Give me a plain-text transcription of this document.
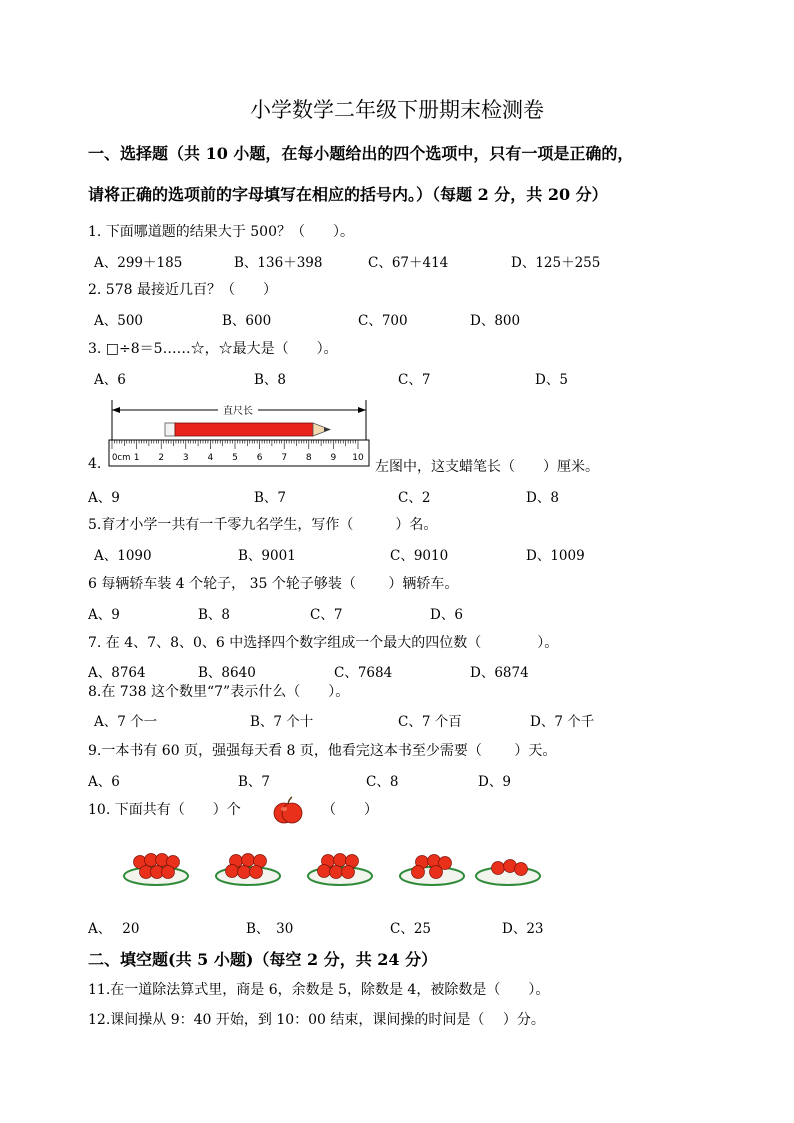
小学数学二年级下册期末检测卷
一、选择题（共 10 小题，在每小题给出的四个选项中，只有一项是正确的，
请将正确的选项前的字母填写在相应的括号内。）（每题 2 分，共 20 分）
1. 下面哪道题的结果大于 500？（　　）。
A、299＋185	B、136＋398	C、67＋414	D、125＋255
2. 578 最接近几百？（　　）
A、500	B、600	C、700	D、800
3. □÷8＝5……☆，☆最大是（　　）。
A、6	B、8	C、7	D、5
直尺长
0cm 1 2 3 4 5 6 7 8 9 10
4.	左图中，这支蜡笔长（　　）厘米。
A、9	B、7	C、2	D、8
5.育才小学一共有一千零九名学生，写作（　　　）名。
A、1090	B、9001	C、9010	D、1009
6 每辆轿车装 4 个轮子， 35 个轮子够装（　　 ）辆轿车。
A、9	B、8	C、7	D、6
7. 在 4、7、8、0、6 中选择四个数字组成一个最大的四位数（　　　　）。
A、8764	B、8640	C、7684	D、6874
8.在 738 这个数里“7”表示什么（　　）。
A、7 个一	B、7 个十	C、7 个百	D、7 个千
9.一本书有 60 页，强强每天看 8 页，他看完这本书至少需要（　　 ）天。
A、6	B、7	C、8	D、9
10. 下面共有（　　）个	（　　）
A、　 20	B、　30	C、25	D、23
二、填空题(共 5 小题)（每空 2 分，共 24 分）
11.在一道除法算式里，商是 6，余数是 5，除数是 4，被除数是（　　）。
12.课间操从 9：40 开始，到 10：00 结束，课间操的时间是（　 ）分。
